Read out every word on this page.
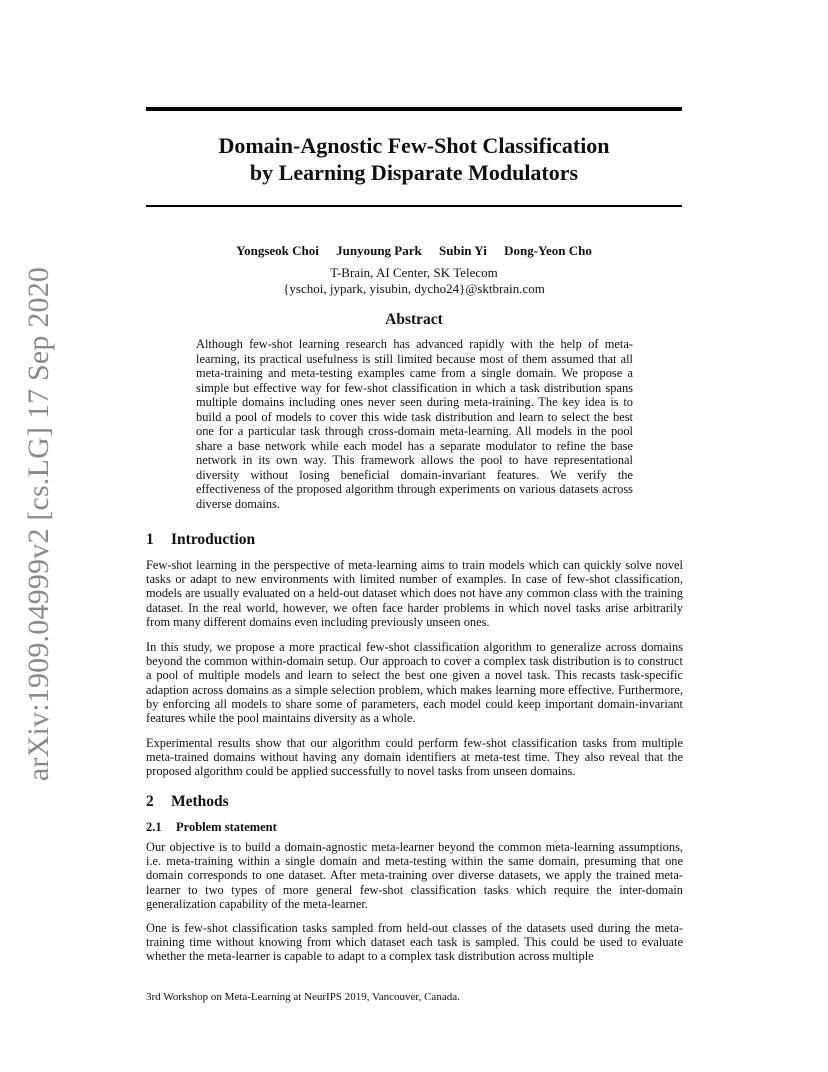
arXiv:1909.04999v2 [cs.LG] 17 Sep 2020
Domain-Agnostic Few-Shot Classification
by Learning Disparate Modulators
Yongseok Choi Junyoung Park Subin Yi Dong-Yeon Cho
T-Brain, AI Center, SK Telecom
{yschoi, jypark, yisubin, dycho24}@sktbrain.com
Abstract

Although few-shot learning research has advanced rapidly with the help of meta-learning, its practical usefulness is still limited because most of them assumed that all meta-training and meta-testing examples came from a single domain. We propose a simple but effective way for few-shot classification in which a task distribution spans multiple domains including ones never seen during meta-training. The key idea is to build a pool of models to cover this wide task distribution and learn to select the best one for a particular task through cross-domain meta-learning. All models in the pool share a base network while each model has a separate modulator to refine the base network in its own way. This framework allows the pool to have representational diversity without losing beneficial domain-invariant features. We verify the effectiveness of the proposed algorithm through experiments on various datasets across diverse domains.

1 Introduction

Few-shot learning in the perspective of meta-learning aims to train models which can quickly solve novel tasks or adapt to new environments with limited number of examples. In case of few-shot classification, models are usually evaluated on a held-out dataset which does not have any common class with the training dataset. In the real world, however, we often face harder problems in which novel tasks arise arbitrarily from many different domains even including previously unseen ones.

In this study, we propose a more practical few-shot classification algorithm to generalize across domains beyond the common within-domain setup. Our approach to cover a complex task distribution is to construct a pool of multiple models and learn to select the best one given a novel task. This recasts task-specific adaption across domains as a simple selection problem, which makes learning more effective. Furthermore, by enforcing all models to share some of parameters, each model could keep important domain-invariant features while the pool maintains diversity as a whole.

Experimental results show that our algorithm could perform few-shot classification tasks from multiple meta-trained domains without having any domain identifiers at meta-test time. They also reveal that the proposed algorithm could be applied successfully to novel tasks from unseen domains.

2 Methods
2.1 Problem statement

Our objective is to build a domain-agnostic meta-learner beyond the common meta-learning assumptions, i.e. meta-training within a single domain and meta-testing within the same domain, presuming that one domain corresponds to one dataset. After meta-training over diverse datasets, we apply the trained meta-learner to two types of more general few-shot classification tasks which require the inter-domain generalization capability of the meta-learner.

One is few-shot classification tasks sampled from held-out classes of the datasets used during the meta-training time without knowing from which dataset each task is sampled. This could be used to evaluate whether the meta-learner is capable to adapt to a complex task distribution across multiple

3rd Workshop on Meta-Learning at NeurIPS 2019, Vancouver, Canada.
